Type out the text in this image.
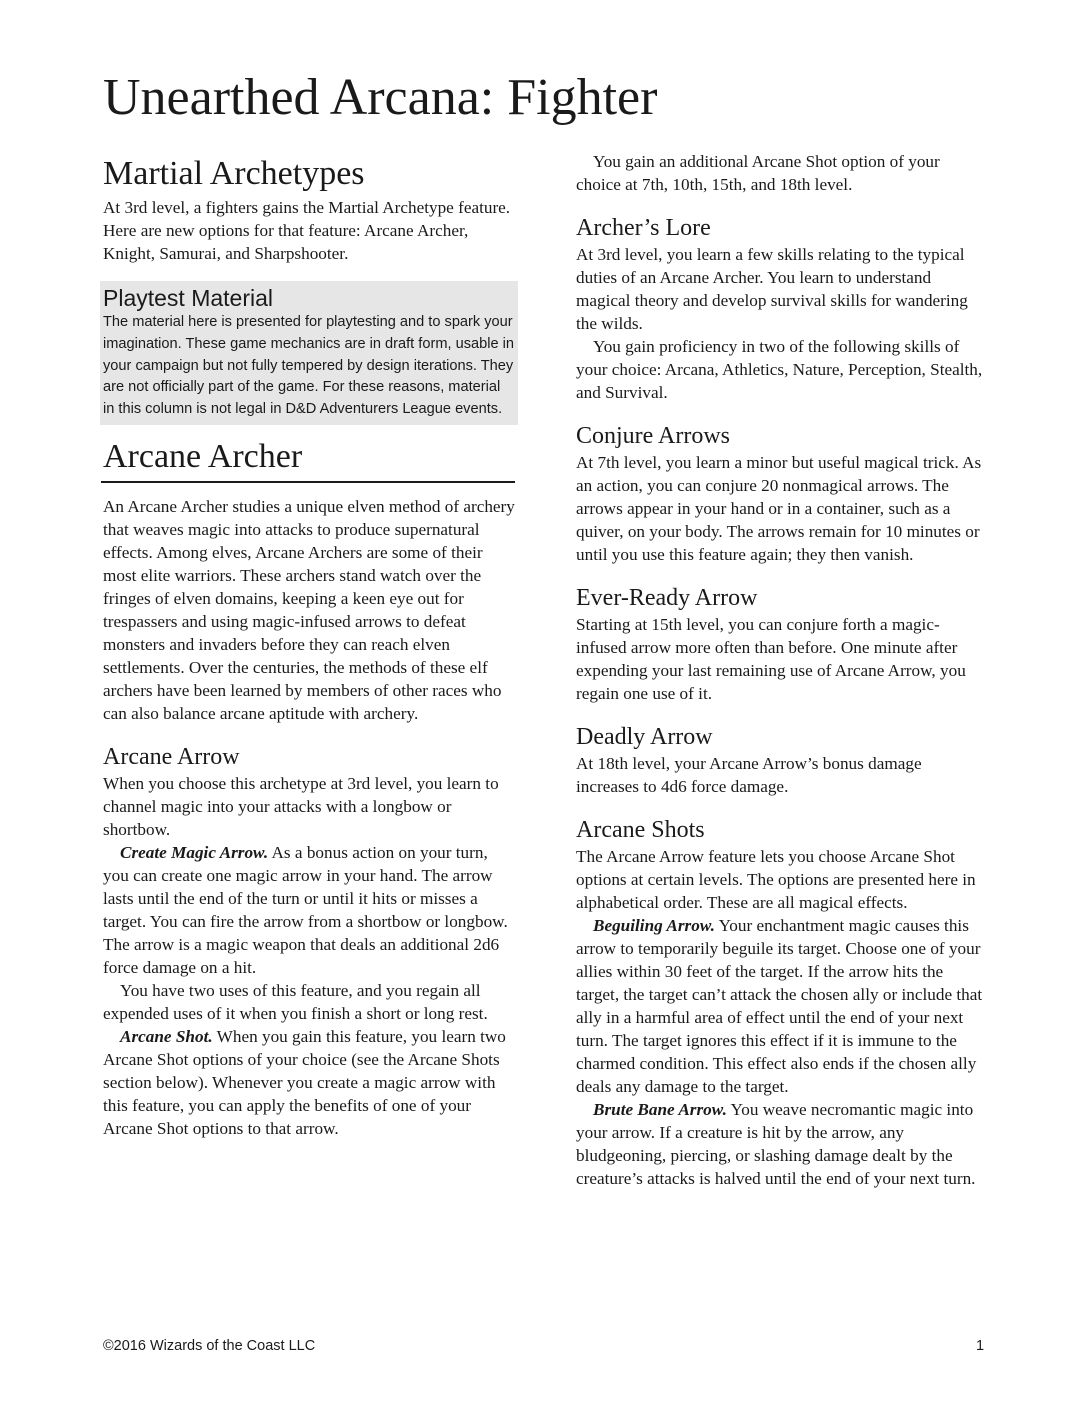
Unearthed Arcana: Fighter
Martial Archetypes

At 3rd level, a fighters gains the Martial Archetype feature. Here are new options for that feature: Arcane Archer, Knight, Samurai, and Sharpshooter.

Playtest Material

The material here is presented for playtesting and to spark your imagination. These game mechanics are in draft form, usable in your campaign but not fully tempered by design iterations. They are not officially part of the game. For these reasons, material in this column is not legal in D&D Adventurers League events.

Arcane Archer

An Arcane Archer studies a unique elven method of archery that weaves magic into attacks to produce supernatural effects. Among elves, Arcane Archers are some of their most elite warriors. These archers stand watch over the fringes of elven domains, keeping a keen eye out for trespassers and using magic-infused arrows to defeat monsters and invaders before they can reach elven settlements. Over the centuries, the methods of these elf archers have been learned by members of other races who can also balance arcane aptitude with archery.

Arcane Arrow

When you choose this archetype at 3rd level, you learn to channel magic into your attacks with a longbow or shortbow.

Create Magic Arrow. As a bonus action on your turn, you can create one magic arrow in your hand. The arrow lasts until the end of the turn or until it hits or misses a target. You can fire the arrow from a shortbow or longbow. The arrow is a magic weapon that deals an additional 2d6 force damage on a hit.

You have two uses of this feature, and you regain all expended uses of it when you finish a short or long rest.

Arcane Shot. When you gain this feature, you learn two Arcane Shot options of your choice (see the Arcane Shots section below). Whenever you create a magic arrow with this feature, you can apply the benefits of one of your Arcane Shot options to that arrow.

You gain an additional Arcane Shot option of your choice at 7th, 10th, 15th, and 18th level.

Archer’s Lore

At 3rd level, you learn a few skills relating to the typical duties of an Arcane Archer. You learn to understand magical theory and develop survival skills for wandering the wilds.

You gain proficiency in two of the following skills of your choice: Arcana, Athletics, Nature, Perception, Stealth, and Survival.

Conjure Arrows

At 7th level, you learn a minor but useful magical trick. As an action, you can conjure 20 nonmagical arrows. The arrows appear in your hand or in a container, such as a quiver, on your body. The arrows remain for 10 minutes or until you use this feature again; they then vanish.

Ever-Ready Arrow

Starting at 15th level, you can conjure forth a magic-infused arrow more often than before. One minute after expending your last remaining use of Arcane Arrow, you regain one use of it.

Deadly Arrow

At 18th level, your Arcane Arrow’s bonus damage increases to 4d6 force damage.

Arcane Shots

The Arcane Arrow feature lets you choose Arcane Shot options at certain levels. The options are presented here in alphabetical order. These are all magical effects.

Beguiling Arrow. Your enchantment magic causes this arrow to temporarily beguile its target. Choose one of your allies within 30 feet of the target. If the arrow hits the target, the target can’t attack the chosen ally or include that ally in a harmful area of effect until the end of your next turn. The target ignores this effect if it is immune to the charmed condition. This effect also ends if the chosen ally deals any damage to the target.

Brute Bane Arrow. You weave necromantic magic into your arrow. If a creature is hit by the arrow, any bludgeoning, piercing, or slashing damage dealt by the creature’s attacks is halved until the end of your next turn.

©2016 Wizards of the Coast LLC	1
